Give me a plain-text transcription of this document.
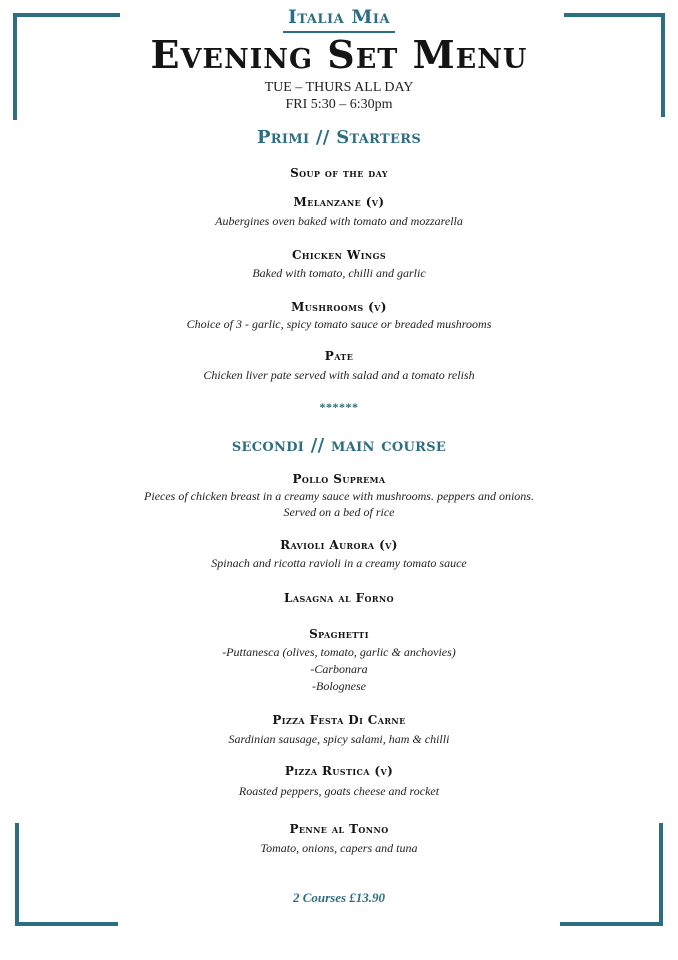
Italia Mia
Evening Set Menu
TUE – THURS ALL DAY
FRI 5:30 – 6:30pm
Primi // Starters
Soup of the day
Melanzane (v)
Aubergines oven baked with tomato and mozzarella
Chicken Wings
Baked with tomato, chilli and garlic
Mushrooms (v)
Choice of 3 - garlic, spicy tomato sauce or breaded mushrooms
Pate
Chicken liver pate served with salad and a tomato relish
******
secondi // main course
Pollo Suprema
Pieces of chicken breast in a creamy sauce with mushrooms. peppers and onions.
Served on a bed of rice
Ravioli Aurora (v)
Spinach and ricotta ravioli in a creamy tomato sauce
Lasagna al Forno
Spaghetti
-Puttanesca (olives, tomato, garlic & anchovies)
-Carbonara
-Bolognese
Pizza Festa Di Carne
Sardinian sausage, spicy salami, ham & chilli
Pizza Rustica (v)
Roasted peppers, goats cheese and rocket
Penne al Tonno
Tomato, onions, capers and tuna
2 Courses £13.90
